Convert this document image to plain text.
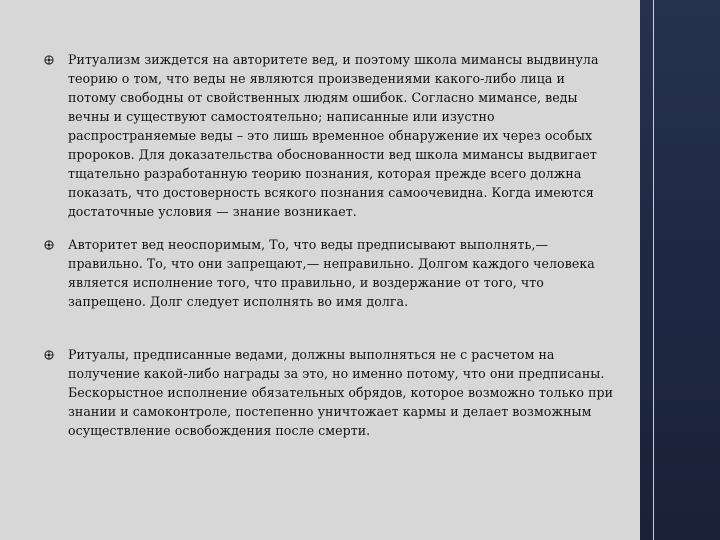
Ритуализм зиждется на авторитете вед, и поэтому школа мимансы выдвинула теорию о том, что веды не являются произведениями какого-либо лица и потому свободны от свойственных людям ошибок. Согласно мимансе, веды вечны и существуют самостоятельно; написанные или изустно распространяемые веды – это лишь временное обнаружение их через особых пророков. Для доказательства обоснованности вед школа мимансы выдвигает тщательно разработанную теорию познания, которая прежде всего должна показать, что достоверность всякого познания самоочевидна. Когда имеются достаточные условия — знание возникает.
Авторитет вед неоспоримым, То, что веды предписывают выполнять,— правильно. То, что они запрещают,— неправильно. Долгом каждого человека является исполнение того, что правильно, и воздержание от того, что запрещено. Долг следует исполнять во имя долга.
Ритуалы, предписанные ведами, должны выполняться не с расчетом на получение какой-либо награды за это, но именно потому, что они предписаны. Бескорыстное исполнение обязательных обрядов, которое возможно только при знании и самоконтроле, постепенно уничтожает кармы и делает возможным осуществление освобождения после смерти.
